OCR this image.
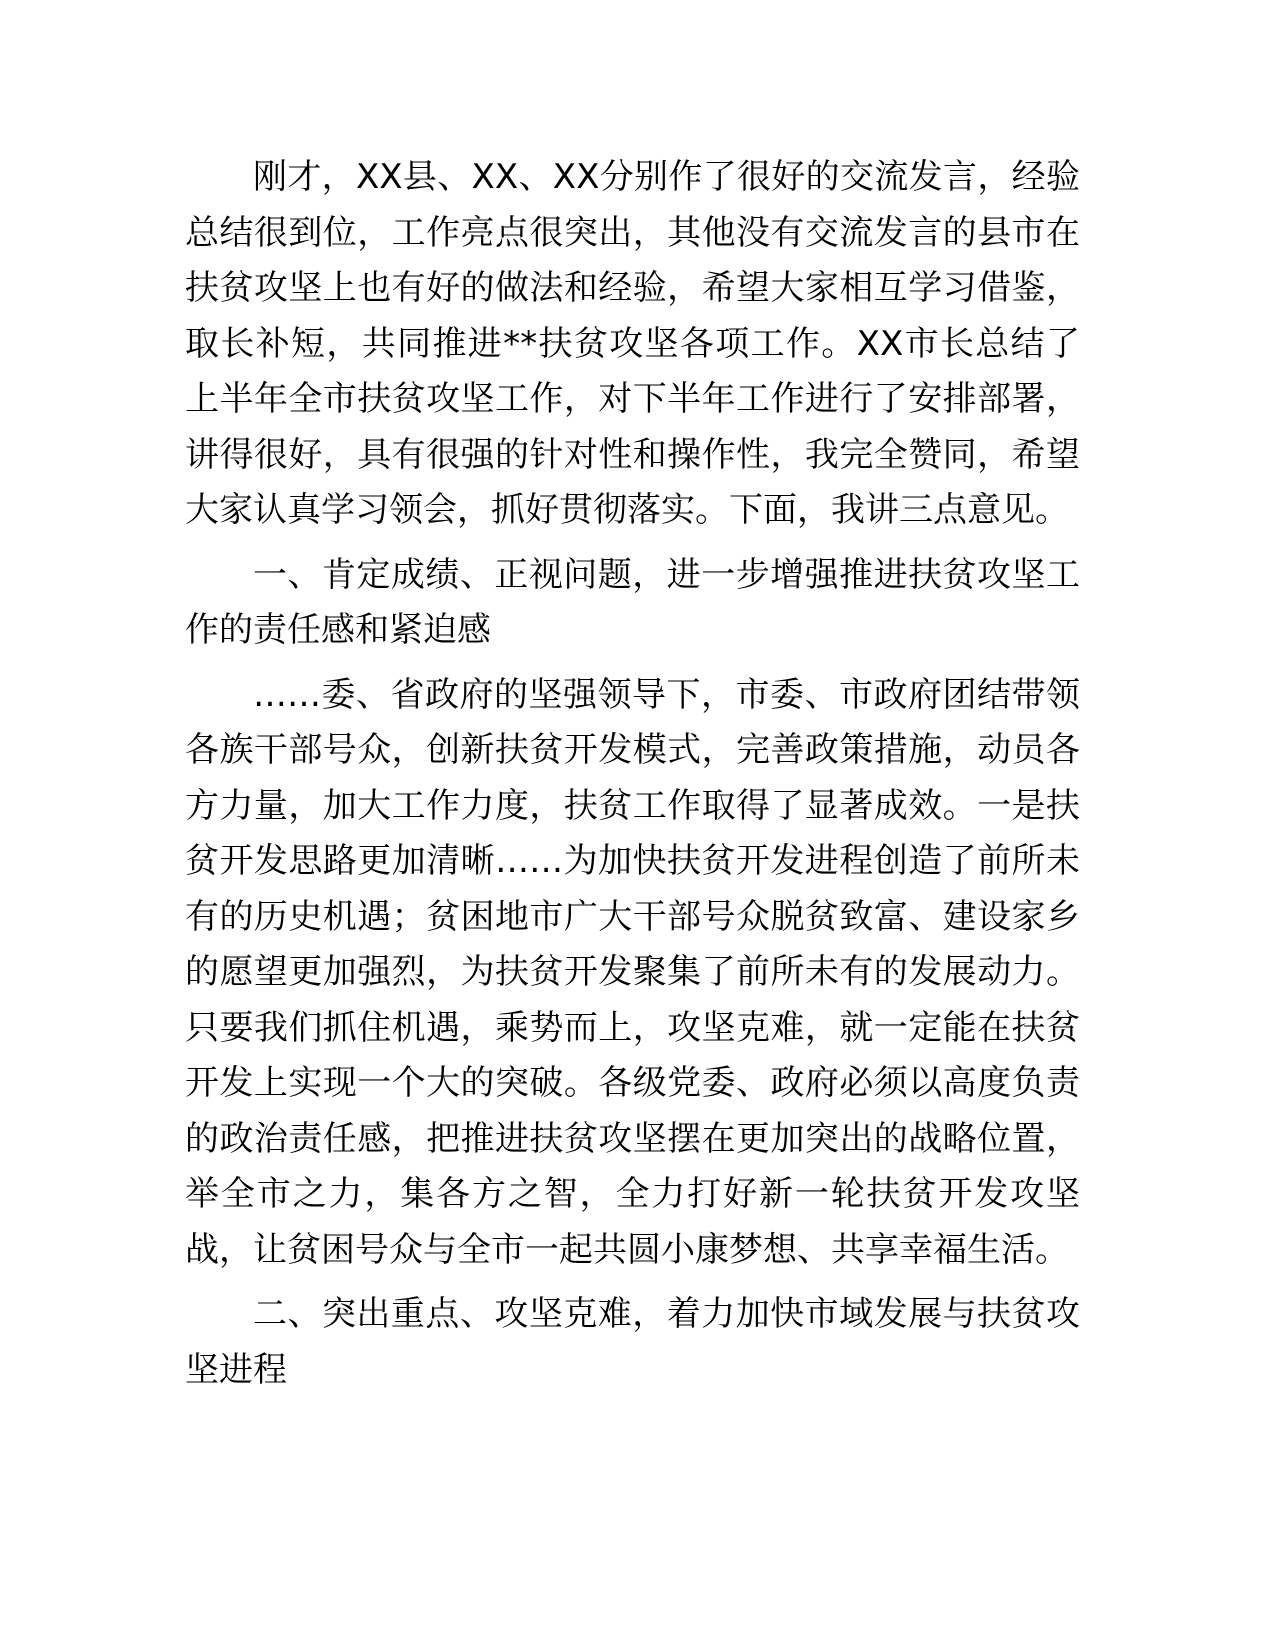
刚才，XX县、XX、XX分别作了很好的交流发言，经验总结很到位，工作亮点很突出，其他没有交流发言的县市在扶贫攻坚上也有好的做法和经验，希望大家相互学习借鉴，取长补短，共同推进**扶贫攻坚各项工作。XX市长总结了上半年全市扶贫攻坚工作，对下半年工作进行了安排部署，讲得很好，具有很强的针对性和操作性，我完全赞同，希望大家认真学习领会，抓好贯彻落实。下面，我讲三点意见。

一、肯定成绩、正视问题，进一步增强推进扶贫攻坚工作的责任感和紧迫感

……委、省政府的坚强领导下，市委、市政府团结带领各族干部号众，创新扶贫开发模式，完善政策措施，动员各方力量，加大工作力度，扶贫工作取得了显著成效。一是扶贫开发思路更加清晰……为加快扶贫开发进程创造了前所未有的历史机遇；贫困地市广大干部号众脱贫致富、建设家乡的愿望更加强烈，为扶贫开发聚集了前所未有的发展动力。只要我们抓住机遇，乘势而上，攻坚克难，就一定能在扶贫开发上实现一个大的突破。各级党委、政府必须以高度负责的政治责任感，把推进扶贫攻坚摆在更加突出的战略位置，举全市之力，集各方之智，全力打好新一轮扶贫开发攻坚战，让贫困号众与全市一起共圆小康梦想、共享幸福生活。

二、突出重点、攻坚克难，着力加快市域发展与扶贫攻坚进程
